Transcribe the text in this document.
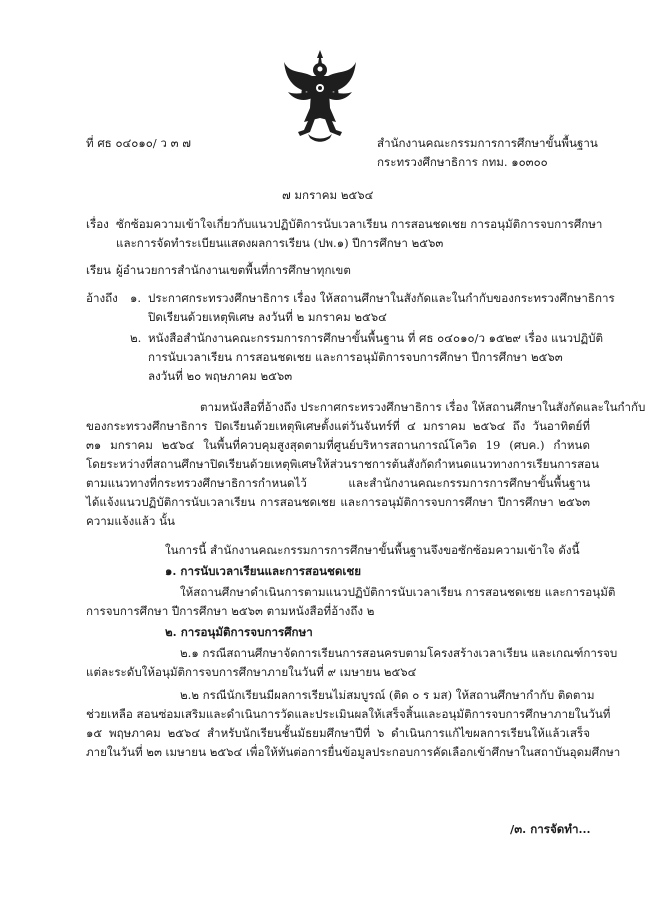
ที่ ศธ ๐๔๐๑๐/ ว ๓ ๗	สำนักงานคณะกรรมการการศึกษาขั้นพื้นฐาน
กระทรวงศึกษาธิการ กทม. ๑๐๓๐๐
๗ มกราคม ๒๕๖๔
เรื่อง ซักซ้อมความเข้าใจเกี่ยวกับแนวปฏิบัติการนับเวลาเรียน การสอนชดเชย การอนุมัติการจบการศึกษา
และการจัดทำระเบียนแสดงผลการเรียน (ปพ.๑) ปีการศึกษา ๒๕๖๓
เรียน ผู้อำนวยการสำนักงานเขตพื้นที่การศึกษาทุกเขต
อ้างถึง ๑. ประกาศกระทรวงศึกษาธิการ เรื่อง ให้สถานศึกษาในสังกัดและในกำกับของกระทรวงศึกษาธิการ
ปิดเรียนด้วยเหตุพิเศษ ลงวันที่ ๒ มกราคม ๒๕๖๔
๒. หนังสือสำนักงานคณะกรรมการการศึกษาขั้นพื้นฐาน ที่ ศธ ๐๔๐๑๐/ว ๑๕๒๙ เรื่อง แนวปฏิบัติ
การนับเวลาเรียน การสอนชดเชย และการอนุมัติการจบการศึกษา ปีการศึกษา ๒๕๖๓
ลงวันที่ ๒๐ พฤษภาคม ๒๕๖๓
ตามหนังสือที่อ้างถึง ประกาศกระทรวงศึกษาธิการ เรื่อง ให้สถานศึกษาในสังกัดและในกำกับ
ของกระทรวงศึกษาธิการ ปิดเรียนด้วยเหตุพิเศษตั้งแต่วันจันทร์ที่ ๔ มกราคม ๒๕๖๔ ถึง วันอาทิตย์ที่
๓๑ มกราคม ๒๕๖๔ ในพื้นที่ควบคุมสูงสุดตามที่ศูนย์บริหารสถานการณ์โควิด 19 (ศบค.) กำหนด
โดยระหว่างที่สถานศึกษาปิดเรียนด้วยเหตุพิเศษให้ส่วนราชการต้นสังกัดกำหนดแนวทางการเรียนการสอน
ตามแนวทางที่กระทรวงศึกษาธิการกำหนดไว้ และสำนักงานคณะกรรมการการศึกษาขั้นพื้นฐาน
ได้แจ้งแนวปฏิบัติการนับเวลาเรียน การสอนชดเชย และการอนุมัติการจบการศึกษา ปีการศึกษา ๒๕๖๓
ความแจ้งแล้ว นั้น
ในการนี้ สำนักงานคณะกรรมการการศึกษาขั้นพื้นฐานจึงขอซักซ้อมความเข้าใจ ดังนี้
๑. การนับเวลาเรียนและการสอนชดเชย
ให้สถานศึกษาดำเนินการตามแนวปฏิบัติการนับเวลาเรียน การสอนชดเชย และการอนุมัติ
การจบการศึกษา ปีการศึกษา ๒๕๖๓ ตามหนังสือที่อ้างถึง ๒
๒. การอนุมัติการจบการศึกษา
๒.๑ กรณีสถานศึกษาจัดการเรียนการสอนครบตามโครงสร้างเวลาเรียน และเกณฑ์การจบ
แต่ละระดับให้อนุมัติการจบการศึกษาภายในวันที่ ๙ เมษายน ๒๕๖๔
๒.๒ กรณีนักเรียนมีผลการเรียนไม่สมบูรณ์ (ติด ๐ ร มส) ให้สถานศึกษากำกับ ติดตาม
ช่วยเหลือ สอนซ่อมเสริมและดำเนินการวัดและประเมินผลให้เสร็จสิ้นและอนุมัติการจบการศึกษาภายในวันที่
๑๕ พฤษภาคม ๒๕๖๔ สำหรับนักเรียนชั้นมัธยมศึกษาปีที่ ๖ ดำเนินการแก้ไขผลการเรียนให้แล้วเสร็จ
ภายในวันที่ ๒๓ เมษายน ๒๕๖๔ เพื่อให้ทันต่อการยื่นข้อมูลประกอบการคัดเลือกเข้าศึกษาในสถาบันอุดมศึกษา
/๓. การจัดทำ...
